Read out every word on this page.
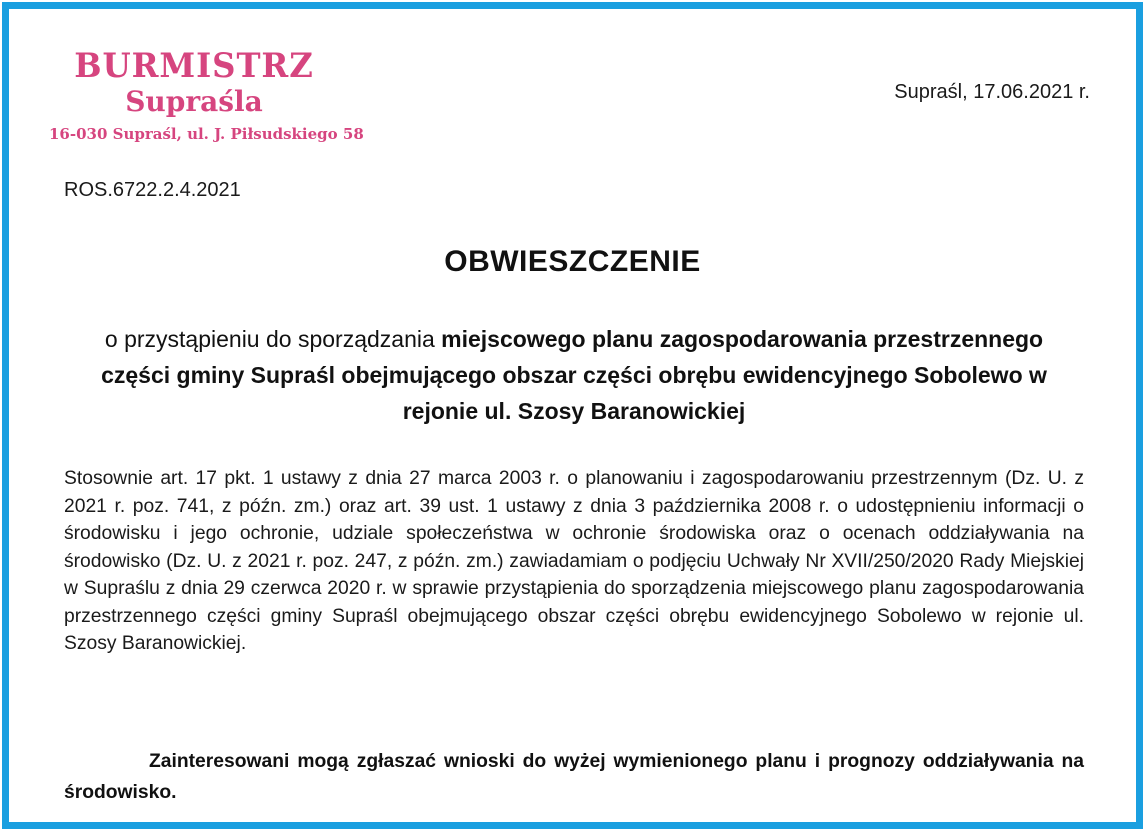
BURMISTRZ
Supraśla
16-030 Supraśl, ul. J. Piłsudskiego 58
Supraśl, 17.06.2021 r.
ROS.6722.2.4.2021
OBWIESZCZENIE
o przystąpieniu do sporządzania miejscowego planu zagospodarowania przestrzennego części gminy Supraśl obejmującego obszar części obrębu ewidencyjnego Sobolewo w rejonie ul. Szosy Baranowickiej
Stosownie art. 17 pkt. 1 ustawy z dnia 27 marca 2003 r. o planowaniu i zagospodarowaniu przestrzennym (Dz. U. z 2021 r. poz. 741, z późn. zm.) oraz art. 39 ust. 1 ustawy z dnia 3 października 2008 r. o udostępnieniu informacji o środowisku i jego ochronie, udziale społeczeństwa w ochronie środowiska oraz o ocenach oddziaływania na środowisko (Dz. U. z 2021 r. poz. 247, z późn. zm.) zawiadamiam o podjęciu Uchwały Nr XVII/250/2020 Rady Miejskiej w Supraślu z dnia 29 czerwca 2020 r. w sprawie przystąpienia do sporządzenia miejscowego planu zagospodarowania przestrzennego części gminy Supraśl obejmującego obszar części obrębu ewidencyjnego Sobolewo w rejonie ul. Szosy Baranowickiej.
Zainteresowani mogą zgłaszać wnioski do wyżej wymienionego planu i prognozy oddziaływania na środowisko.
